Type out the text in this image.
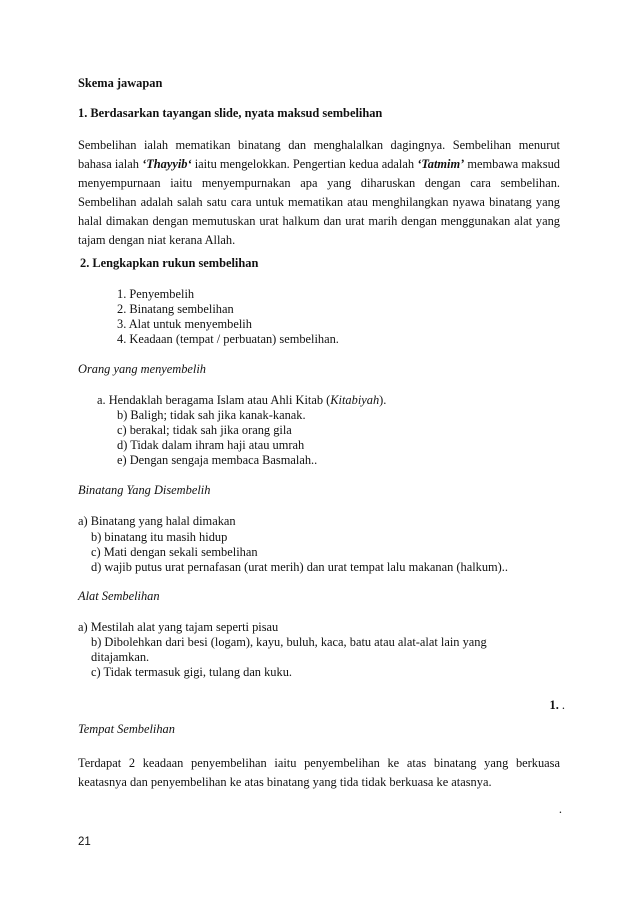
Skema jawapan
1. Berdasarkan tayangan slide, nyata maksud sembelihan
Sembelihan ialah mematikan binatang dan menghalalkan dagingnya. Sembelihan menurut bahasa ialah ‘Thayyib‘ iaitu mengelokkan. Pengertian kedua adalah ‘Tatmim’ membawa maksud menyempurnaan iaitu menyempurnakan apa yang diharuskan dengan cara sembelihan. Sembelihan adalah salah satu cara untuk mematikan atau menghilangkan nyawa binatang yang halal dimakan dengan memutuskan urat halkum dan urat marih dengan menggunakan alat yang tajam dengan niat kerana Allah.
2. Lengkapkan rukun sembelihan
1. Penyembelih
2. Binatang sembelihan
3. Alat untuk menyembelih
4. Keadaan (tempat / perbuatan) sembelihan.
Orang yang menyembelih
a. Hendaklah beragama Islam atau Ahli Kitab (Kitabiyah).
b) Baligh; tidak sah jika kanak-kanak.
c) berakal; tidak sah jika orang gila
d) Tidak dalam ihram haji atau umrah
e) Dengan sengaja membaca Basmalah..
Binatang Yang Disembelih
a) Binatang yang halal dimakan
b) binatang itu masih hidup
c) Mati dengan sekali sembelihan
d) wajib putus urat pernafasan (urat merih) dan urat tempat lalu makanan (halkum)..
Alat Sembelihan
a) Mestilah alat yang tajam seperti pisau
b) Dibolehkan dari besi (logam), kayu, buluh, kaca, batu atau alat-alat lain yang
ditajamkan.
c) Tidak termasuk gigi, tulang dan kuku.
1. .
Tempat Sembelihan
Terdapat 2 keadaan penyembelihan iaitu penyembelihan ke atas binatang yang berkuasa keatasnya dan penyembelihan ke atas binatang yang tida tidak berkuasa ke atasnya.
.
21
